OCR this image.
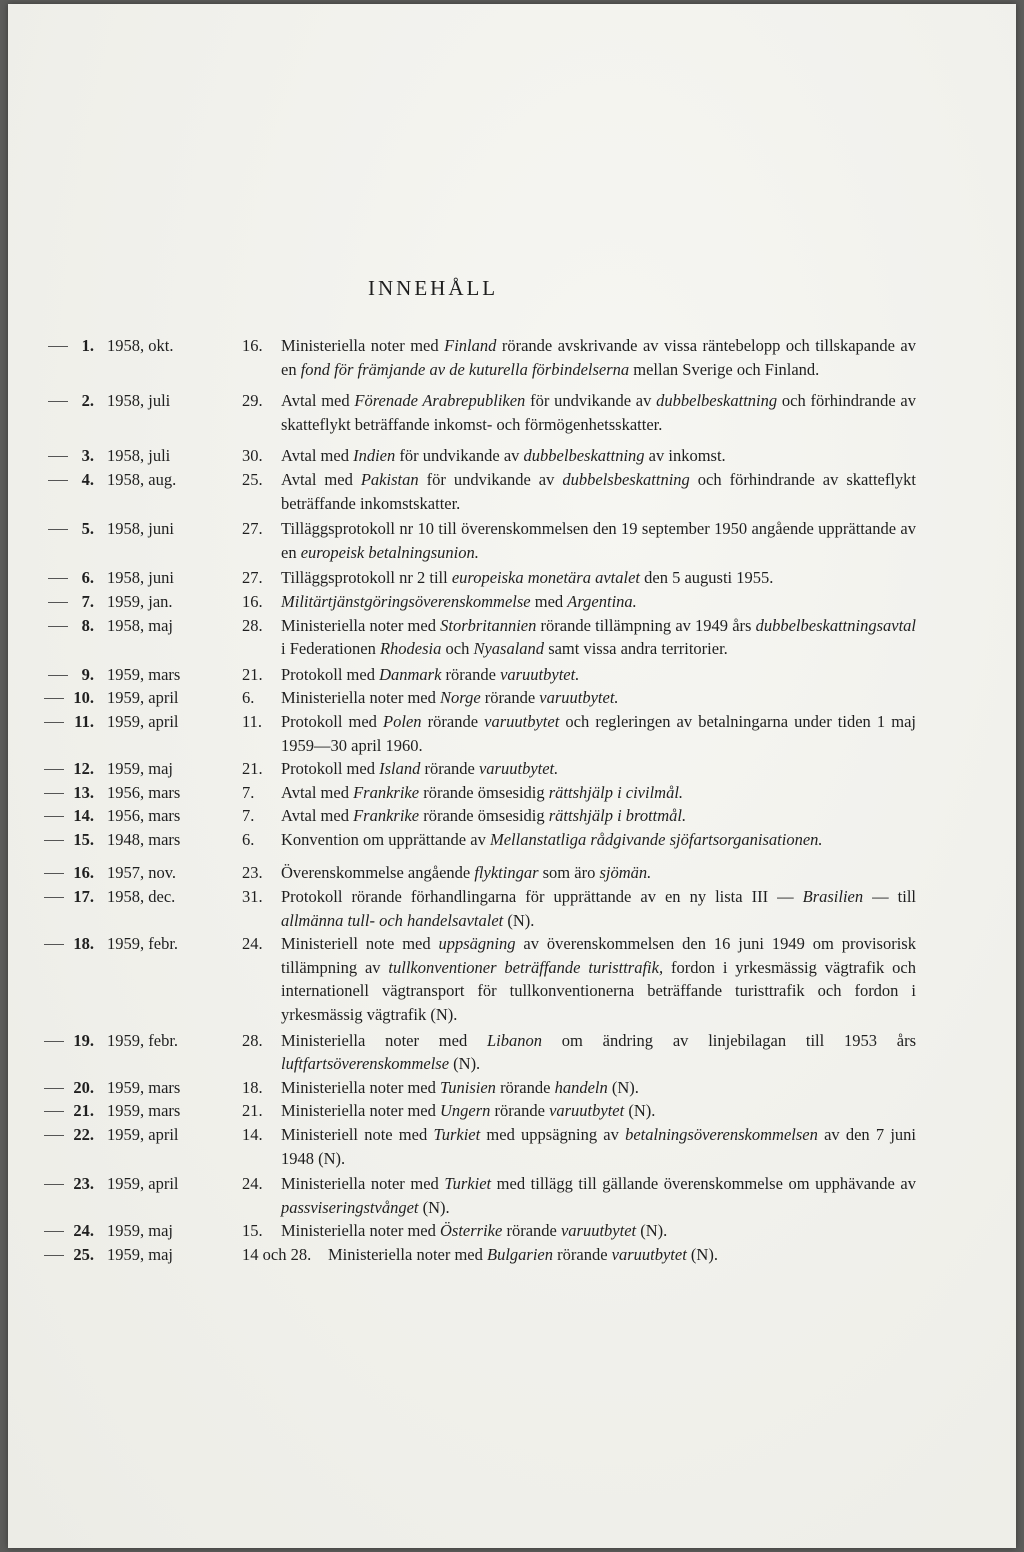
INNEHÅLL
1. 1958, okt.	16.	Ministeriella noter med Finland rörande avskrivande av vissa räntebelopp och tillskapande av en fond för främjande av de kuturella förbindelserna mellan Sverige och Finland.
2. 1958, juli	29.	Avtal med Förenade Arabrepubliken för undvikande av dubbelbeskattning och förhindrande av skatteflykt beträffande inkomst- och förmögenhetsskatter.
3. 1958, juli	30.	Avtal med Indien för undvikande av dubbelbeskattning av inkomst.
4. 1958, aug.	25.	Avtal med Pakistan för undvikande av dubbelsbeskattning och förhindrande av skatteflykt beträffande inkomstskatter.
5. 1958, juni	27.	Tilläggsprotokoll nr 10 till överenskommelsen den 19 september 1950 angående upprättande av en europeisk betalningsunion.
6. 1958, juni	27.	Tilläggsprotokoll nr 2 till europeiska monetära avtalet den 5 augusti 1955.
7. 1959, jan.	16.	Militärtjänstgöringsöverenskommelse med Argentina.
8. 1958, maj	28.	Ministeriella noter med Storbritannien rörande tillämpning av 1949 års dubbelbeskattningsavtal i Federationen Rhodesia och Nyasaland samt vissa andra territorier.
9. 1959, mars	21.	Protokoll med Danmark rörande varuutbytet.
10. 1959, april	6.	Ministeriella noter med Norge rörande varuutbytet.
11. 1959, april	11.	Protokoll med Polen rörande varuutbytet och regleringen av betalningarna under tiden 1 maj 1959—30 april 1960.
12. 1959, maj	21.	Protokoll med Island rörande varuutbytet.
13. 1956, mars	7.	Avtal med Frankrike rörande ömsesidig rättshjälp i civilmål.
14. 1956, mars	7.	Avtal med Frankrike rörande ömsesidig rättshjälp i brottmål.
15. 1948, mars	6.	Konvention om upprättande av Mellanstatliga rådgivande sjöfartsorganisationen.
16. 1957, nov.	23.	Överenskommelse angående flyktingar som äro sjömän.
17. 1958, dec.	31.	Protokoll rörande förhandlingarna för upprättande av en ny lista III — Brasilien — till allmänna tull- och handelsavtalet (N).
18. 1959, febr.	24.	Ministeriell note med uppsägning av överenskommelsen den 16 juni 1949 om provisorisk tillämpning av tullkonventioner beträffande turisttrafik, fordon i yrkesmässig vägtrafik och internationell vägtransport för tullkonventionerna beträffande turisttrafik och fordon i yrkesmässig vägtrafik (N).
19. 1959, febr.	28.	Ministeriella noter med Libanon om ändring av linjebilagan till 1953 års luftfartsöverenskommelse (N).
20. 1959, mars	18.	Ministeriella noter med Tunisien rörande handeln (N).
21. 1959, mars	21.	Ministeriella noter med Ungern rörande varuutbytet (N).
22. 1959, april	14.	Ministeriell note med Turkiet med uppsägning av betalningsöverenskommelsen av den 7 juni 1948 (N).
23. 1959, april	24.	Ministeriella noter med Turkiet med tillägg till gällande överenskommelse om upphävande av passviseringstvånget (N).
24. 1959, maj	15.	Ministeriella noter med Österrike rörande varuutbytet (N).
25. 1959, maj	14 och 28.	Ministeriella noter med Bulgarien rörande varuutbytet (N).
